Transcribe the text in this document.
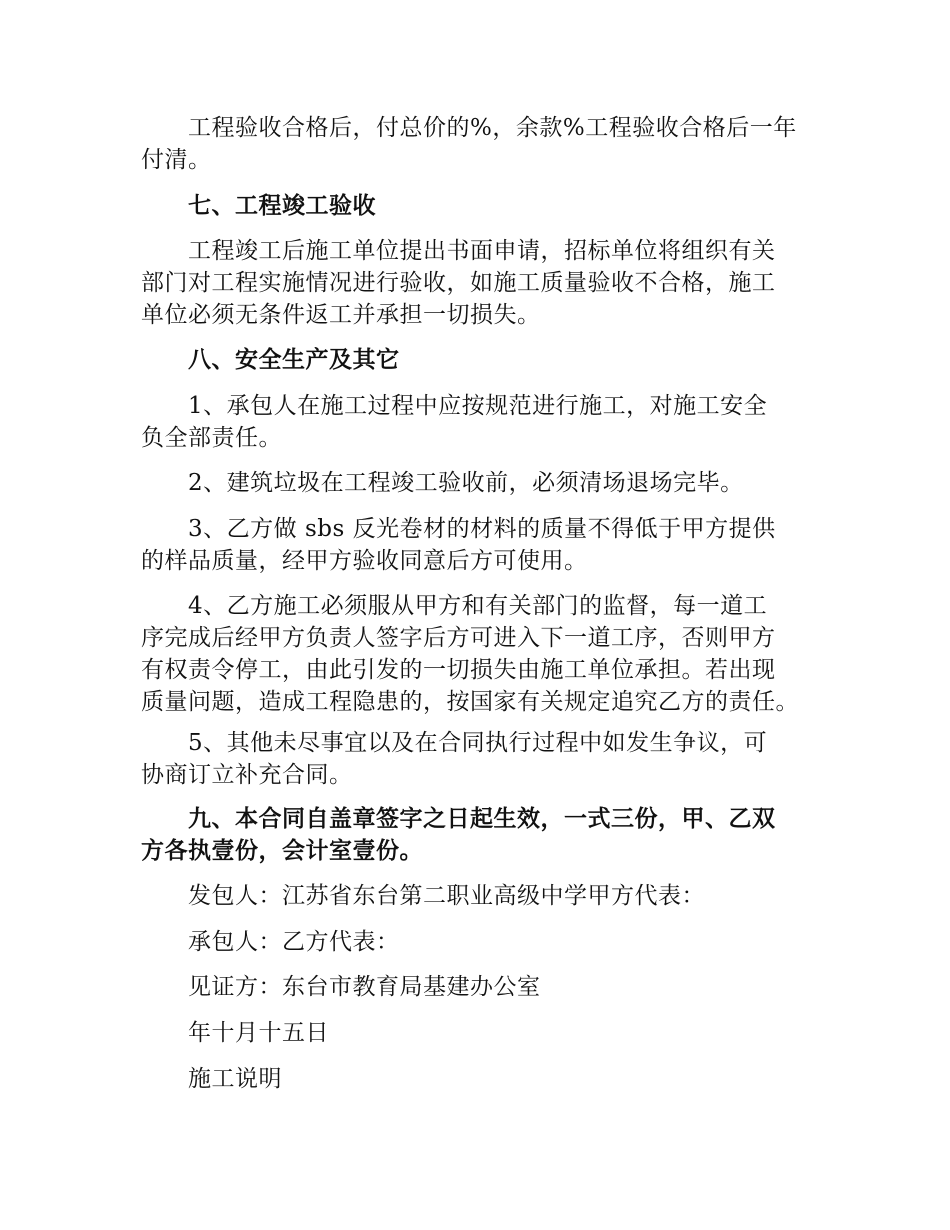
　　工程验收合格后，付总价的%，余款%工程验收合格后一年
付清。

　　七、工程竣工验收

　　工程竣工后施工单位提出书面申请，招标单位将组织有关
部门对工程实施情况进行验收，如施工质量验收不合格，施工
单位必须无条件返工并承担一切损失。

　　八、安全生产及其它

　　1、承包人在施工过程中应按规范进行施工，对施工安全
负全部责任。

　　2、建筑垃圾在工程竣工验收前，必须清场退场完毕。

　　3、乙方做 sbs 反光卷材的材料的质量不得低于甲方提供
的样品质量，经甲方验收同意后方可使用。

　　4、乙方施工必须服从甲方和有关部门的监督，每一道工
序完成后经甲方负责人签字后方可进入下一道工序，否则甲方
有权责令停工，由此引发的一切损失由施工单位承担。若出现
质量问题，造成工程隐患的，按国家有关规定追究乙方的责任。

　　5、其他未尽事宜以及在合同执行过程中如发生争议，可
协商订立补充合同。

　　九、本合同自盖章签字之日起生效，一式三份，甲、乙双
方各执壹份，会计室壹份。

　　发包人：江苏省东台第二职业高级中学甲方代表：

　　承包人：乙方代表：

　　见证方：东台市教育局基建办公室

　　年十月十五日

　　施工说明
